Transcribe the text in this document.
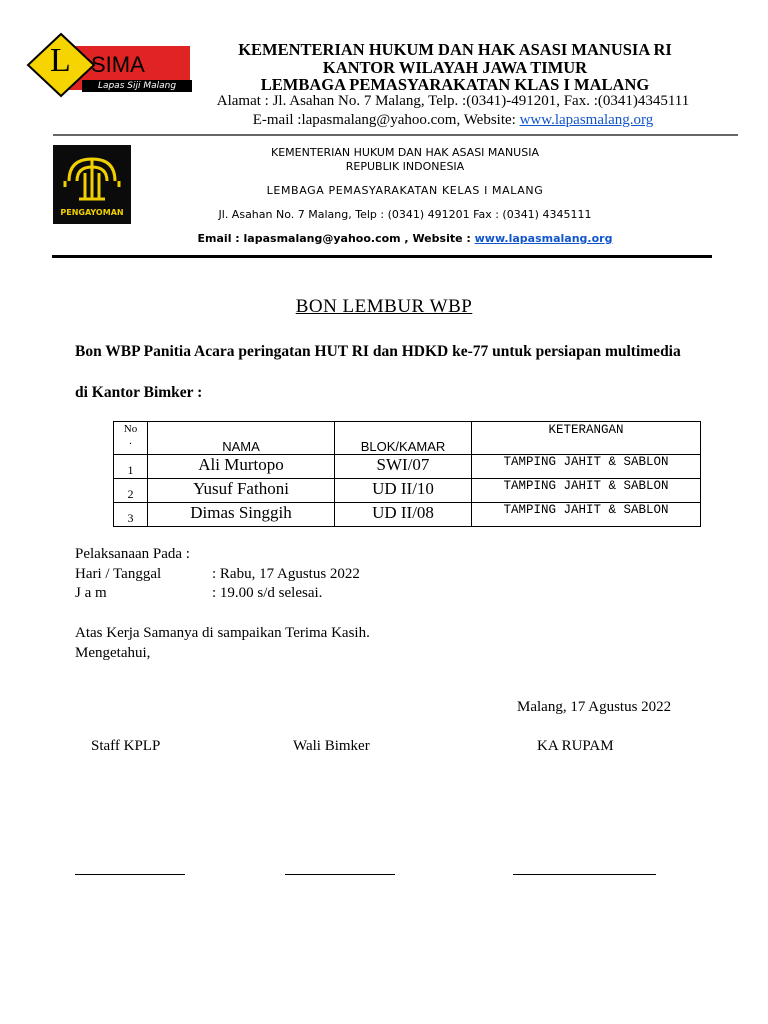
L SIMA
Lapas Siji Malang
KEMENTERIAN HUKUM DAN HAK ASASI MANUSIA RI
KANTOR WILAYAH JAWA TIMUR
LEMBAGA PEMASYARAKATAN KLAS I MALANG
Alamat : Jl. Asahan No. 7 Malang, Telp. :(0341)-491201, Fax. :(0341)4345111
E-mail :lapasmalang@yahoo.com, Website: www.lapasmalang.org
PENGAYOMAN
KEMENTERIAN HUKUM DAN HAK ASASI MANUSIA
REPUBLIK INDONESIA
LEMBAGA PEMASYARAKATAN KELAS I MALANG
Jl. Asahan No. 7 Malang, Telp : (0341) 491201 Fax : (0341) 4345111
Email : lapasmalang@yahoo.com , Website : www.lapasmalang.org
BON LEMBUR WBP
Bon WBP Panitia Acara peringatan HUT RI dan HDKD ke-77 untuk persiapan multimedia
di Kantor Bimker :
No
.	NAMA	BLOK/KAMAR	KETERANGAN

1	Ali Murtopo	SWI/07	TAMPING JAHIT & SABLON
2	Yusuf Fathoni	UD II/10	TAMPING JAHIT & SABLON
3	Dimas Singgih	UD II/08	TAMPING JAHIT & SABLON
Pelaksanaan Pada :
Hari / Tanggal	: Rabu, 17 Agustus 2022
J a m	: 19.00 s/d selesai.
Atas Kerja Samanya di sampaikan Terima Kasih.
Mengetahui,
Malang, 17 Agustus 2022
Staff KPLP	Wali Bimker	KA RUPAM
